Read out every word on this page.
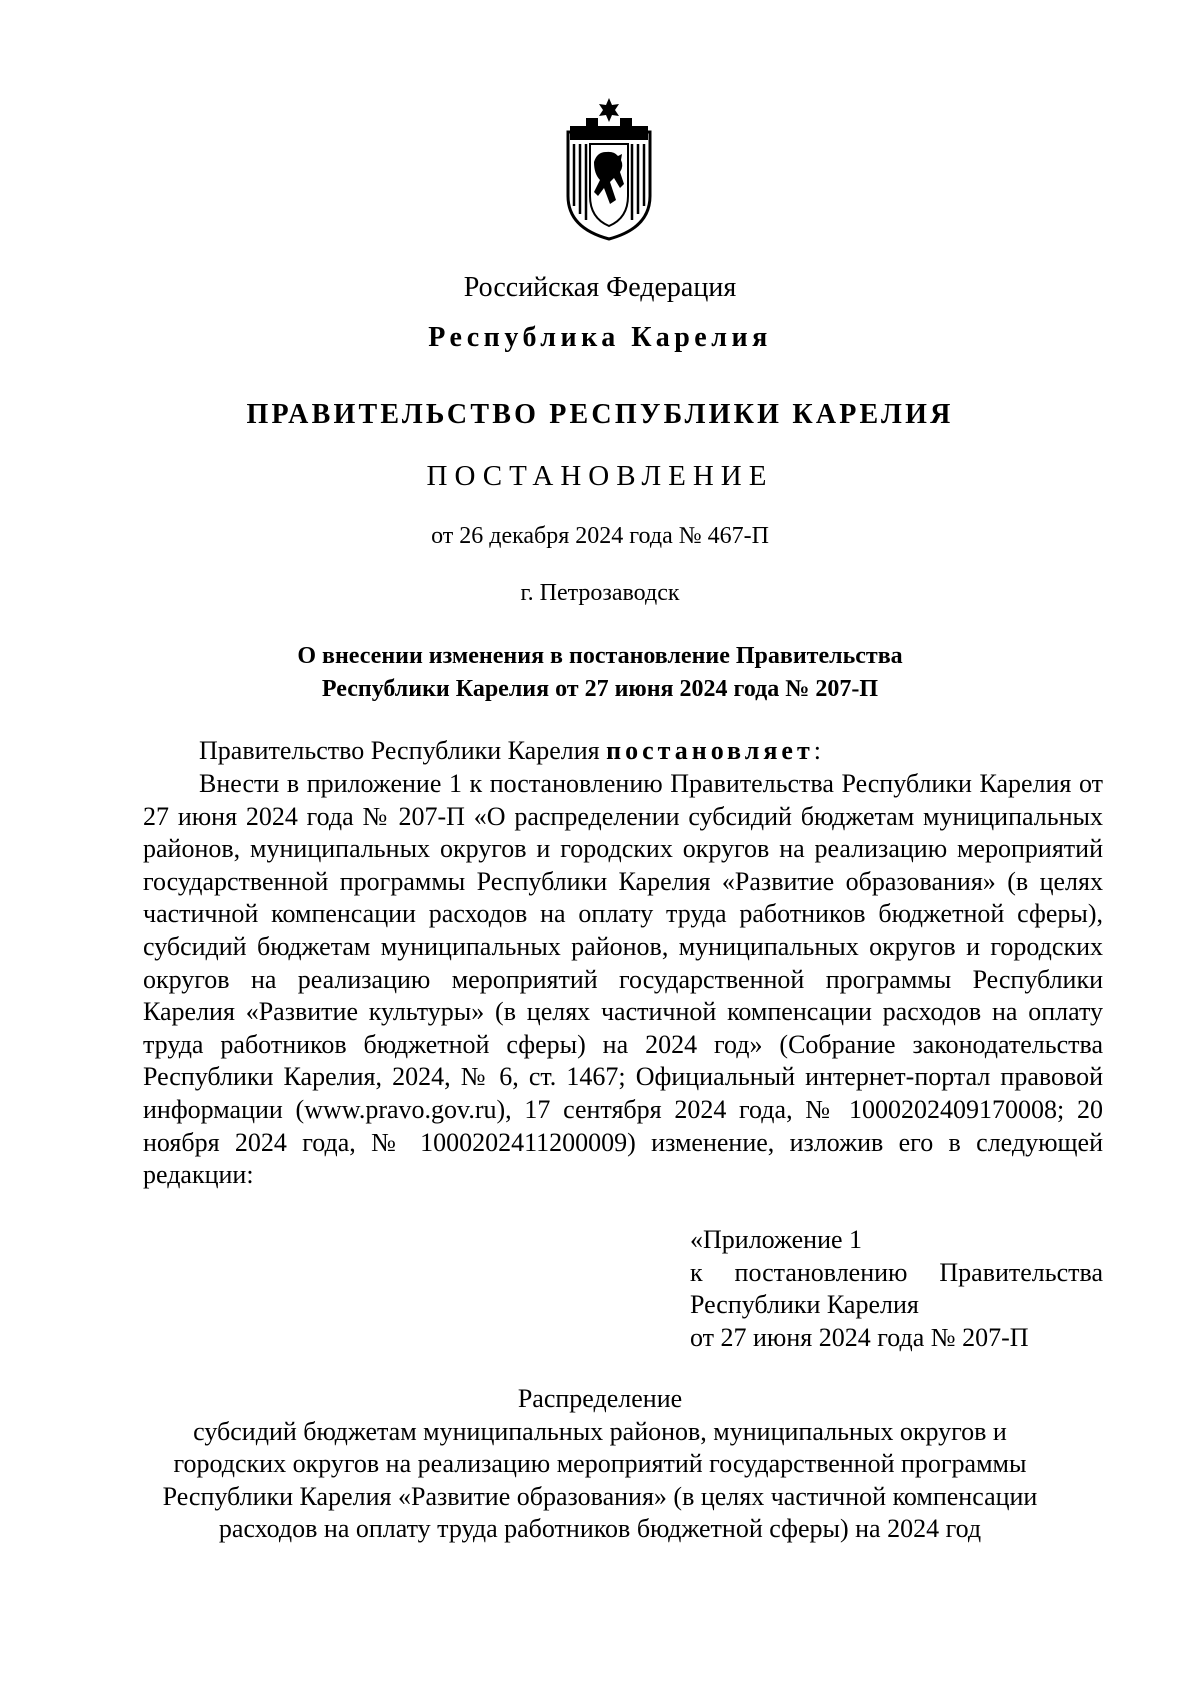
Российская Федерация
Республика Карелия
ПРАВИТЕЛЬСТВО РЕСПУБЛИКИ КАРЕЛИЯ
ПОСТАНОВЛЕНИЕ
от 26 декабря 2024 года № 467-П
г. Петрозаводск
О внесении изменения в постановление Правительства
Республики Карелия от 27 июня 2024 года № 207-П
Правительство Республики Карелия постановляет:
Внести в приложение 1 к постановлению Правительства Республики Карелия от 27 июня 2024 года № 207-П «О распределении субсидий бюджетам муниципальных районов, муниципальных округов и городских округов на реализацию мероприятий государственной программы Республики Карелия «Развитие образования» (в целях частичной компенсации расходов на оплату труда работников бюджетной сферы), субсидий бюджетам муниципальных районов, муниципальных округов и городских округов на реализацию мероприятий государственной программы Республики Карелия «Развитие культуры» (в целях частичной компенсации расходов на оплату труда работников бюджетной сферы) на 2024 год» (Собрание законодательства Республики Карелия, 2024, № 6, ст. 1467; Официальный интернет-портал правовой информации (www.pravo.gov.ru), 17 сентября 2024 года, № 1000202409170008; 20 ноября 2024 года, № 1000202411200009) изменение, изложив его в следующей редакции:
«Приложение 1
к постановлению Правительства
Республики Карелия
от 27 июня 2024 года № 207-П
Распределение
субсидий бюджетам муниципальных районов, муниципальных округов и
городских округов на реализацию мероприятий государственной программы
Республики Карелия «Развитие образования» (в целях частичной компенсации
расходов на оплату труда работников бюджетной сферы) на 2024 год
